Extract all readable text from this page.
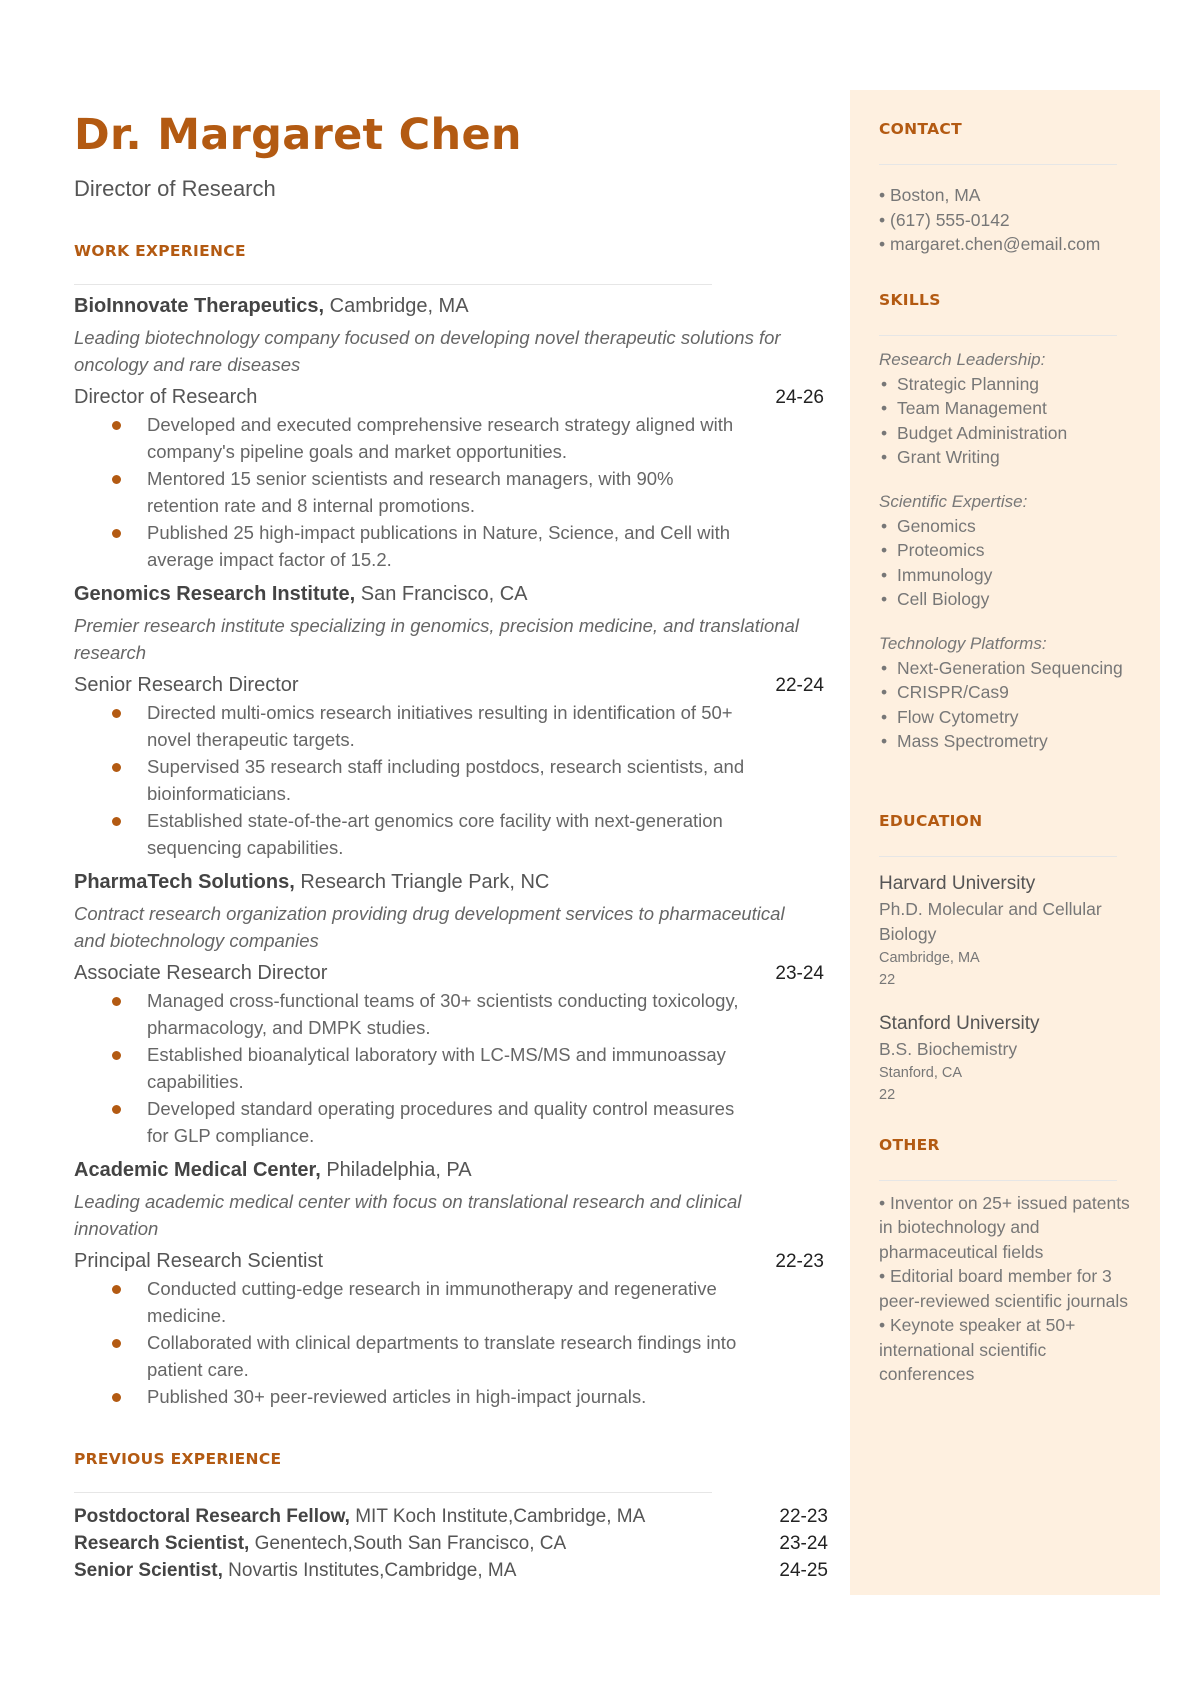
Dr. Margaret Chen
Director of Research
WORK EXPERIENCE
BioInnovate Therapeutics, Cambridge, MA
Leading biotechnology company focused on developing novel therapeutic solutions for oncology and rare diseases
Director of Research	24-26
Developed and executed comprehensive research strategy aligned with company's pipeline goals and market opportunities.
Mentored 15 senior scientists and research managers, with 90% retention rate and 8 internal promotions.
Published 25 high-impact publications in Nature, Science, and Cell with average impact factor of 15.2.
Genomics Research Institute, San Francisco, CA
Premier research institute specializing in genomics, precision medicine, and translational research
Senior Research Director	22-24
Directed multi-omics research initiatives resulting in identification of 50+ novel therapeutic targets.
Supervised 35 research staff including postdocs, research scientists, and bioinformaticians.
Established state-of-the-art genomics core facility with next-generation sequencing capabilities.
PharmaTech Solutions, Research Triangle Park, NC
Contract research organization providing drug development services to pharmaceutical and biotechnology companies
Associate Research Director	23-24
Managed cross-functional teams of 30+ scientists conducting toxicology, pharmacology, and DMPK studies.
Established bioanalytical laboratory with LC-MS/MS and immunoassay capabilities.
Developed standard operating procedures and quality control measures for GLP compliance.
Academic Medical Center, Philadelphia, PA
Leading academic medical center with focus on translational research and clinical innovation
Principal Research Scientist	22-23
Conducted cutting-edge research in immunotherapy and regenerative medicine.
Collaborated with clinical departments to translate research findings into patient care.
Published 30+ peer-reviewed articles in high-impact journals.
PREVIOUS EXPERIENCE
Postdoctoral Research Fellow, MIT Koch Institute,Cambridge, MA	22-23
Research Scientist, Genentech,South San Francisco, CA	23-24
Senior Scientist, Novartis Institutes,Cambridge, MA	24-25
CONTACT
• Boston, MA
• (617) 555-0142
• margaret.chen@email.com
SKILLS
Research Leadership:
• Strategic Planning
• Team Management
• Budget Administration
• Grant Writing
Scientific Expertise:
• Genomics
• Proteomics
• Immunology
• Cell Biology
Technology Platforms:
• Next-Generation Sequencing
• CRISPR/Cas9
• Flow Cytometry
• Mass Spectrometry
EDUCATION
Harvard University
Ph.D. Molecular and Cellular Biology
Cambridge, MA
22
Stanford University
B.S. Biochemistry
Stanford, CA
22
OTHER
• Inventor on 25+ issued patents in biotechnology and pharmaceutical fields
• Editorial board member for 3 peer-reviewed scientific journals
• Keynote speaker at 50+ international scientific conferences
